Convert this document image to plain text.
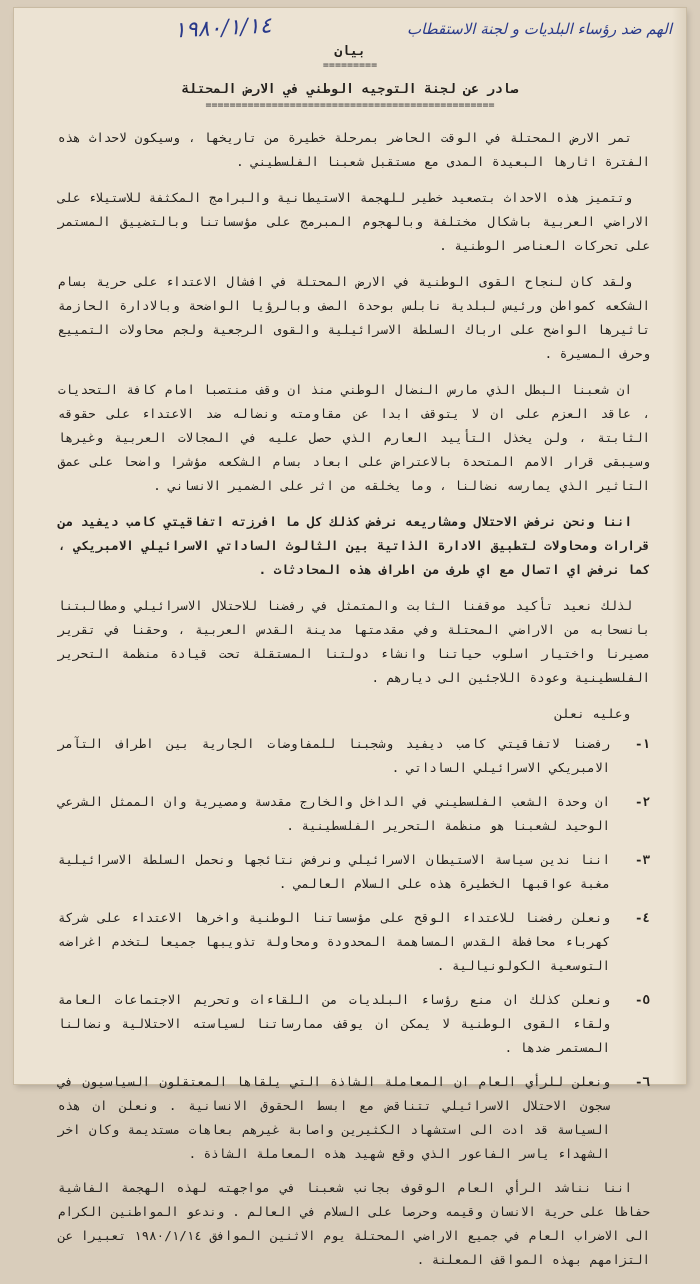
الهم ضد رؤساء البلديات و لجنة الاستقطاب
١٩٨٠/١/١٤
بيان
=========
صادر عن لجنة التوجيه الوطني في الارض المحتلة
================================================

تمر الارض المحتلة في الوقت الحاضر بمرحلة خطيرة من تاريخها ، وسيكون لاحداث هذه الفترة اثارها البعيدة المدى مع مستقبل شعبنا الفلسطيني .

وتتميز هذه الاحداث بتصعيد خطير للهجمة الاستيطانية والبرامج المكثفة للاستيلاء على الاراضي العربية باشكال مختلفة وبالهجوم المبرمج على مؤسساتنا وبالتضييق المستمر على تحركات العناصر الوطنية .

ولقد كان لنجاح القوى الوطنية في الارض المحتلة في افشال الاعتداء على حرية بسام الشكعه كمواطن ورئيس لبلدية نابلس بوحدة الصف وبالرؤيا الواضحة وبالادارة الحازمة تاثيرها الواضح على ارباك السلطة الاسرائيلية والقوى الرجعية ولجم محاولات التمييع وحرف المسيرة .

ان شعبنا البطل الذي مارس النضال الوطني منذ ان وقف منتصبا امام كافة التحديات ، عاقد العزم على ان لا يتوقف ابدا عن مقاومته ونضاله ضد الاعتداء على حقوقه الثابتة ، ولن يخذل التأييد العارم الذي حصل عليه في المجالات العربية وغيرها وسيبقى قرار الامم المتحدة بالاعتراض على ابعاد بسام الشكعه مؤشرا واضحا على عمق التاثير الذي يمارسه نضالنا ، وما يخلقه من اثر على الضمير الانساني .

اننا ونحن نرفض الاحتلال ومشاريعه نرفض كذلك كل ما افرزته اتفاقيتي كامب ديفيد من قرارات ومحاولات لتطبيق الادارة الذاتية بين الثالوث الساداتي الاسرائيلي الامبريكي ، كما نرفض اي اتصال مع اي طرف من اطراف هذه المحادثات .

لذلك نعيد تأكيد موقفنا الثابت والمتمثل في رفضنا للاحتلال الاسرائيلي ومطالبتنا بانسحابه من الاراضي المحتلة وفي مقدمتها مدينة القدس العربية ، وحقنا في تقرير مصيرنا واختيار اسلوب حياتنا وانشاء دولتنا المستقلة تحت قيادة منظمة التحرير الفلسطينية وعودة اللاجئين الى ديارهم .

وعليه نعلن
١-
رفضنا لاتفاقيتي كامب ديفيد وشجبنا للمفاوضات الجارية بين اطراف التآمر الامبريكي الاسرائيلي الساداتي .
٢-
ان وحدة الشعب الفلسطيني في الداخل والخارج مقدسة ومصيرية وان الممثل الشرعي الوحيد لشعبنا هو منظمة التحرير الفلسطينية .
٣-
اننا ندين سياسة الاستيطان الاسرائيلي ونرفض نتائجها ونحمل السلطة الاسرائيلية مغبة عواقبها الخطيرة هذه على السلام العالمي .
٤-
ونعلن رفضنا للاعتداء الوقح على مؤسساتنا الوطنية واخرها الاعتداء على شركة كهرباء محافظة القدس المساهمة المحدودة ومحاولة تذويبها جميعا لتخدم اغراضه التوسعية الكولونيالية .
٥-
ونعلن كذلك ان منع رؤساء البلديات من اللقاءات وتحريم الاجتماعات العامة ولقاء القوى الوطنية لا يمكن ان يوقف ممارساتنا لسياسته الاحتلالية ونضالنا المستمر ضدها .
٦-
ونعلن للرأي العام ان المعاملة الشاذة التي يلقاها المعتقلون السياسيون في سجون الاحتلال الاسرائيلي تتناقض مع ابسط الحقوق الانسانية . ونعلن ان هذه السياسة قد ادت الى استشهاد الكثيرين واصابة غيرهم بعاهات مستديمة وكان اخر الشهداء ياسر الفاعور الذي وقع شهيد هذه المعاملة الشاذة .

اننا نناشد الرأي العام الوقوف بجانب شعبنا في مواجهته لهذه الهجمة الفاشية حفاظا على حرية الانسان وقيمه وحرصا على السلام في العالم . وندعو المواطنين الكرام الى الاضراب العام في جميع الاراضي المحتلة يوم الاثنين الموافق ١٩٨٠/١/١٤ تعبيرا عن التزامهم بهذه المواقف المعلنة .
